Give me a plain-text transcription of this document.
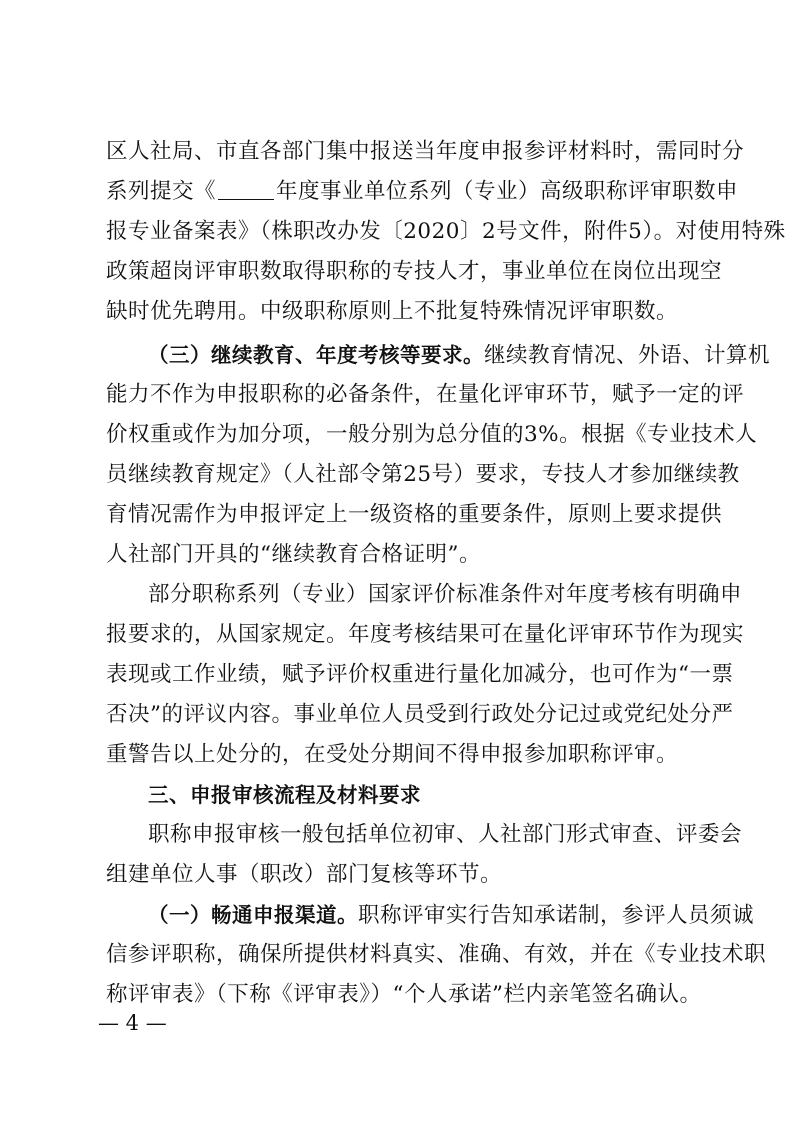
区人社局、市直各部门集中报送当年度申报参评材料时，需同时分
系列提交《	年度事业单位系列（专业）高级职称评审职数申
报专业备案表》（株职改办发〔2020〕2号文件，附件5）。对使用特殊
政策超岗评审职数取得职称的专技人才，事业单位在岗位出现空
缺时优先聘用。中级职称原则上不批复特殊情况评审职数。
（三）继续教育、年度考核等要求。继续教育情况、外语、计算机
能力不作为申报职称的必备条件，在量化评审环节，赋予一定的评
价权重或作为加分项，一般分别为总分值的3%。根据《专业技术人
员继续教育规定》（人社部令第25号）要求，专技人才参加继续教
育情况需作为申报评定上一级资格的重要条件，原则上要求提供
人社部门开具的“继续教育合格证明”。
部分职称系列（专业）国家评价标准条件对年度考核有明确申
报要求的，从国家规定。年度考核结果可在量化评审环节作为现实
表现或工作业绩，赋予评价权重进行量化加减分，也可作为“一票
否决”的评议内容。事业单位人员受到行政处分记过或党纪处分严
重警告以上处分的，在受处分期间不得申报参加职称评审。
三、申报审核流程及材料要求
职称申报审核一般包括单位初审、人社部门形式审查、评委会
组建单位人事（职改）部门复核等环节。
（一）畅通申报渠道。职称评审实行告知承诺制，参评人员须诚
信参评职称，确保所提供材料真实、准确、有效，并在《专业技术职
称评审表》（下称《评审表》）“个人承诺”栏内亲笔签名确认。
— 4 —
